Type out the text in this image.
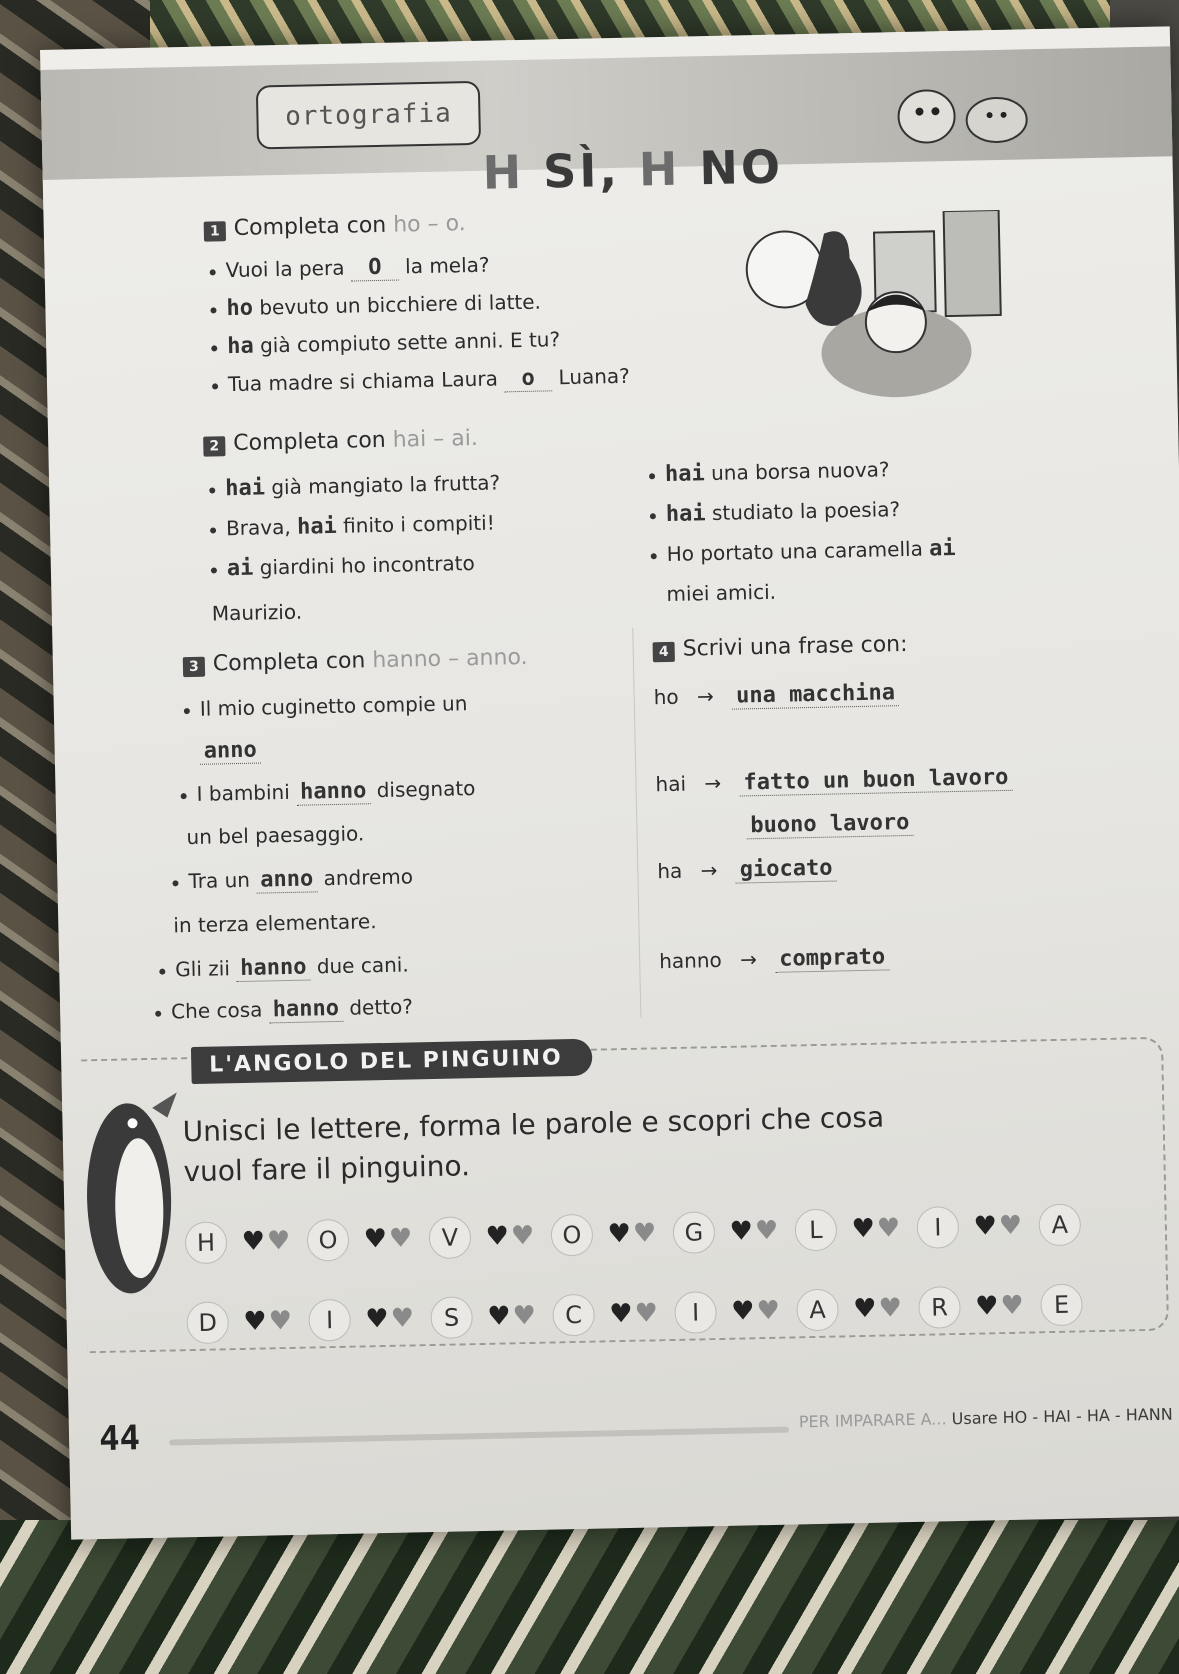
ortografia
H SÌ, H NO
1 Completa con ho – o.
Vuoi la pera O la mela?
ho bevuto un bicchiere di latte.
ha già compiuto sette anni. E tu?
Tua madre si chiama Laura o Luana?
2 Completa con hai – ai.
hai già mangiato la frutta?
Brava, hai finito i compiti!
ai giardini ho incontrato
Maurizio.
hai una borsa nuova?
hai studiato la poesia?
Ho portato una caramella ai
miei amici.
3 Completa con hanno – anno.
Il mio cuginetto compie un
anno
I bambini hanno disegnato
un bel paesaggio.
Tra un anno andremo
in terza elementare.
Gli zii hanno due cani.
Che cosa hanno detto?
4 Scrivi una frase con:
ho → una macchina
hai → fatto un buon lavoro
buono lavoro
ha → giocato
hanno → comprato
L'ANGOLO DEL PINGUINO
Unisci le lettere, forma le parole e scopri che cosa vuol fare il pinguino.
H	♥♥	O ♥♥	V	♥♥	O ♥♥	G ♥♥	L	♥♥	I	♥♥	A
D ♥♥	I	♥♥	S	♥♥	C	♥♥	I	♥♥	A	♥♥	R	♥♥	E
44	PER IMPARARE A... Usare HO - HAI - HA - HANN
